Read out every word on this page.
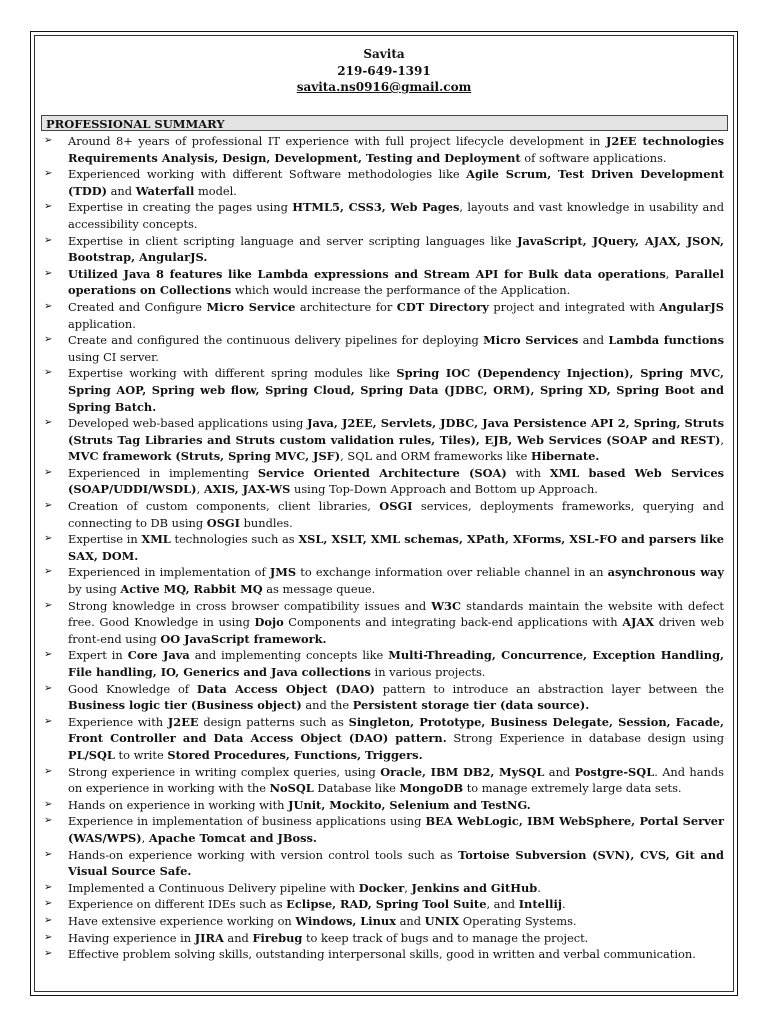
Savita
219-649-1391
savita.ns0916@gmail.com
PROFESSIONAL SUMMARY
➢ Around 8+ years of professional IT experience with full project lifecycle development in J2EE technologies Requirements Analysis, Design, Development, Testing and Deployment of software applications.
➢ Experienced working with different Software methodologies like Agile Scrum, Test Driven Development (TDD) and Waterfall model.
➢ Expertise in creating the pages using HTML5, CSS3, Web Pages, layouts and vast knowledge in usability and accessibility concepts.
➢ Expertise in client scripting language and server scripting languages like JavaScript, JQuery, AJAX, JSON, Bootstrap, AngularJS.
➢ Utilized Java 8 features like Lambda expressions and Stream API for Bulk data operations, Parallel operations on Collections which would increase the performance of the Application.
➢ Created and Configure Micro Service architecture for CDT Directory project and integrated with AngularJS application.
➢ Create and configured the continuous delivery pipelines for deploying Micro Services and Lambda functions using CI server.
➢ Expertise working with different spring modules like Spring IOC (Dependency Injection), Spring MVC, Spring AOP, Spring web flow, Spring Cloud, Spring Data (JDBC, ORM), Spring XD, Spring Boot and Spring Batch.
➢ Developed web-based applications using Java, J2EE, Servlets, JDBC, Java Persistence API 2, Spring, Struts (Struts Tag Libraries and Struts custom validation rules, Tiles), EJB, Web Services (SOAP and REST), MVC framework (Struts, Spring MVC, JSF), SQL and ORM frameworks like Hibernate.
➢ Experienced in implementing Service Oriented Architecture (SOA) with XML based Web Services (SOAP/UDDI/WSDL), AXIS, JAX-WS using Top-Down Approach and Bottom up Approach.
➢ Creation of custom components, client libraries, OSGI services, deployments frameworks, querying and connecting to DB using OSGI bundles.
➢ Expertise in XML technologies such as XSL, XSLT, XML schemas, XPath, XForms, XSL-FO and parsers like SAX, DOM.
➢ Experienced in implementation of JMS to exchange information over reliable channel in an asynchronous way by using Active MQ, Rabbit MQ as message queue.
➢ Strong knowledge in cross browser compatibility issues and W3C standards maintain the website with defect free. Good Knowledge in using Dojo Components and integrating back-end applications with AJAX driven web front-end using OO JavaScript framework.
➢ Expert in Core Java and implementing concepts like Multi-Threading, Concurrence, Exception Handling, File handling, IO, Generics and Java collections in various projects.
➢ Good Knowledge of Data Access Object (DAO) pattern to introduce an abstraction layer between the Business logic tier (Business object) and the Persistent storage tier (data source).
➢ Experience with J2EE design patterns such as Singleton, Prototype, Business Delegate, Session, Facade, Front Controller and Data Access Object (DAO) pattern. Strong Experience in database design using PL/SQL to write Stored Procedures, Functions, Triggers.
➢ Strong experience in writing complex queries, using Oracle, IBM DB2, MySQL and Postgre-SQL. And hands on experience in working with the NoSQL Database like MongoDB to manage extremely large data sets.
➢ Hands on experience in working with JUnit, Mockito, Selenium and TestNG.
➢ Experience in implementation of business applications using BEA WebLogic, IBM WebSphere, Portal Server (WAS/WPS), Apache Tomcat and JBoss.
➢ Hands-on experience working with version control tools such as Tortoise Subversion (SVN), CVS, Git and Visual Source Safe.
➢ Implemented a Continuous Delivery pipeline with Docker, Jenkins and GitHub.
➢ Experience on different IDEs such as Eclipse, RAD, Spring Tool Suite, and Intellij.
➢ Have extensive experience working on Windows, Linux and UNIX Operating Systems.
➢ Having experience in JIRA and Firebug to keep track of bugs and to manage the project.
➢ Effective problem solving skills, outstanding interpersonal skills, good in written and verbal communication.
